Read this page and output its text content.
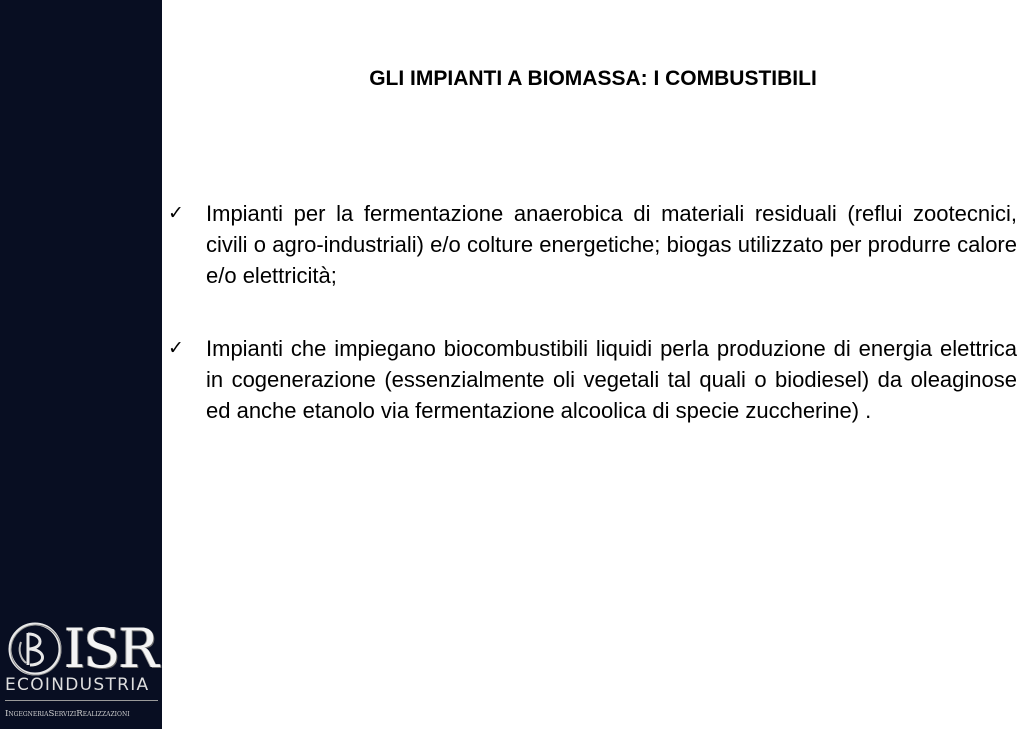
ISR
ECOINDUSTRIA
IngegneriaServiziRealizzazioni
GLI IMPIANTI A BIOMASSA: I COMBUSTIBILI
✓ Impianti per la fermentazione anaerobica di materiali residuali (reflui zootecnici, civili o agro-industriali) e/o colture energetiche; biogas utilizzato per produrre calore e/o elettricità;
✓ Impianti che impiegano biocombustibili liquidi perla produzione di energia elettrica in cogenerazione (essenzialmente oli vegetali tal quali o biodiesel) da oleaginose ed anche etanolo via fermentazione alcoolica di specie zuccherine) .
